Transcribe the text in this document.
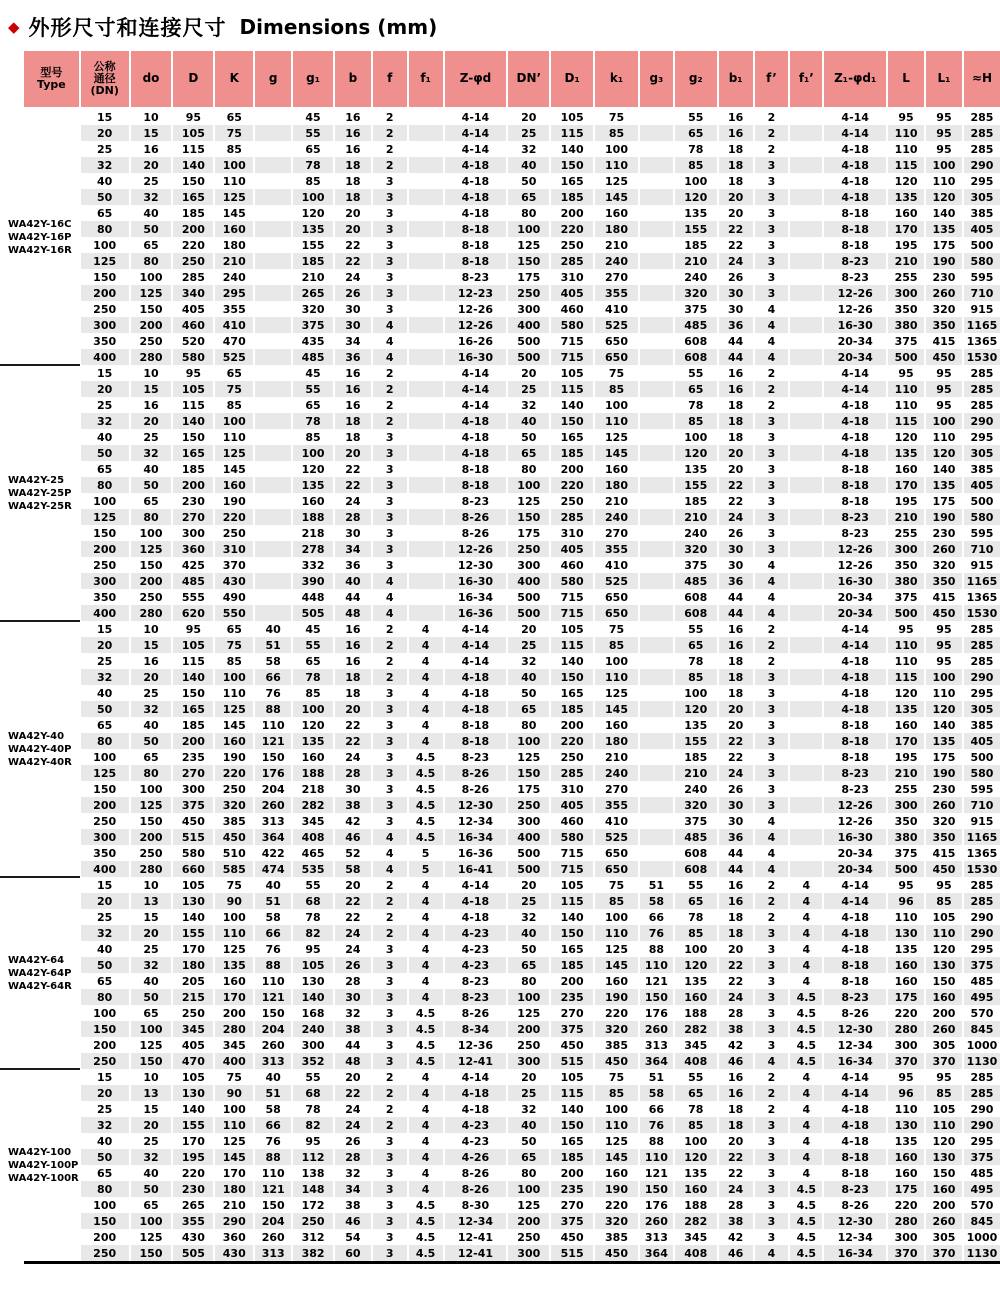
◆ 外形尺寸和连接尺寸 Dimensions (mm)
型号
Type	公称
通径
(DN)	do	D	K	g	g₁	b	f	f₁	Z-φd	DN’	D₁	k₁	g₃	g₂	b₁	f’	f₁’	Z₁-φd₁	L	L₁	≈H

WA42Y-16C
WA42Y-16P
WA42Y-16R	15	10	95	65		45	16	2		4-14	20	105	75		55	16	2		4-14	95	95	285
	20	15	105	75		55	16	2		4-14	25	115	85		65	16	2		4-14	110	95	285
	25	16	115	85		65	16	2		4-14	32	140	100		78	18	2		4-18	110	95	285
	32	20	140	100		78	18	2		4-18	40	150	110		85	18	3		4-18	115	100	290
	40	25	150	110		85	18	3		4-18	50	165	125		100	18	3		4-18	120	110	295
	50	32	165	125		100	18	3		4-18	65	185	145		120	20	3		4-18	135	120	305
	65	40	185	145		120	20	3		4-18	80	200	160		135	20	3		8-18	160	140	385
	80	50	200	160		135	20	3		8-18	100	220	180		155	22	3		8-18	170	135	405
	100	65	220	180		155	22	3		8-18	125	250	210		185	22	3		8-18	195	175	500
	125	80	250	210		185	22	3		8-18	150	285	240		210	24	3		8-23	210	190	580
	150	100	285	240		210	24	3		8-23	175	310	270		240	26	3		8-23	255	230	595
	200	125	340	295		265	26	3		12-23	250	405	355		320	30	3		12-26	300	260	710
	250	150	405	355		320	30	3		12-26	300	460	410		375	30	4		12-26	350	320	915
	300	200	460	410		375	30	4		12-26	400	580	525		485	36	4		16-30	380	350	1165
	350	250	520	470		435	34	4		16-26	500	715	650		608	44	4		20-34	375	415	1365
	400	280	580	525		485	36	4		16-30	500	715	650		608	44	4		20-34	500	450	1530

WA42Y-25
WA42Y-25P
WA42Y-25R	15	10	95	65		45	16	2		4-14	20	105	75		55	16	2		4-14	95	95	285
	20	15	105	75		55	16	2		4-14	25	115	85		65	16	2		4-14	110	95	285
	25	16	115	85		65	16	2		4-14	32	140	100		78	18	2		4-18	110	95	285
	32	20	140	100		78	18	2		4-18	40	150	110		85	18	3		4-18	115	100	290
	40	25	150	110		85	18	3		4-18	50	165	125		100	18	3		4-18	120	110	295
	50	32	165	125		100	20	3		4-18	65	185	145		120	20	3		4-18	135	120	305
	65	40	185	145		120	22	3		8-18	80	200	160		135	20	3		8-18	160	140	385
	80	50	200	160		135	22	3		8-18	100	220	180		155	22	3		8-18	170	135	405
	100	65	230	190		160	24	3		8-23	125	250	210		185	22	3		8-18	195	175	500
	125	80	270	220		188	28	3		8-26	150	285	240		210	24	3		8-23	210	190	580
	150	100	300	250		218	30	3		8-26	175	310	270		240	26	3		8-23	255	230	595
	200	125	360	310		278	34	3		12-26	250	405	355		320	30	3		12-26	300	260	710
	250	150	425	370		332	36	3		12-30	300	460	410		375	30	4		12-26	350	320	915
	300	200	485	430		390	40	4		16-30	400	580	525		485	36	4		16-30	380	350	1165
	350	250	555	490		448	44	4		16-34	500	715	650		608	44	4		20-34	375	415	1365
	400	280	620	550		505	48	4		16-36	500	715	650		608	44	4		20-34	500	450	1530

WA42Y-40
WA42Y-40P
WA42Y-40R	15	10	95	65	40	45	16	2	4	4-14	20	105	75		55	16	2		4-14	95	95	285
	20	15	105	75	51	55	16	2	4	4-14	25	115	85		65	16	2		4-14	110	95	285
	25	16	115	85	58	65	16	2	4	4-14	32	140	100		78	18	2		4-18	110	95	285
	32	20	140	100	66	78	18	2	4	4-18	40	150	110		85	18	3		4-18	115	100	290
	40	25	150	110	76	85	18	3	4	4-18	50	165	125		100	18	3		4-18	120	110	295
	50	32	165	125	88	100	20	3	4	4-18	65	185	145		120	20	3		4-18	135	120	305
	65	40	185	145	110	120	22	3	4	8-18	80	200	160		135	20	3		8-18	160	140	385
	80	50	200	160	121	135	22	3	4	8-18	100	220	180		155	22	3		8-18	170	135	405
	100	65	235	190	150	160	24	3	4.5	8-23	125	250	210		185	22	3		8-18	195	175	500
	125	80	270	220	176	188	28	3	4.5	8-26	150	285	240		210	24	3		8-23	210	190	580
	150	100	300	250	204	218	30	3	4.5	8-26	175	310	270		240	26	3		8-23	255	230	595
	200	125	375	320	260	282	38	3	4.5	12-30	250	405	355		320	30	3		12-26	300	260	710
	250	150	450	385	313	345	42	3	4.5	12-34	300	460	410		375	30	4		12-26	350	320	915
	300	200	515	450	364	408	46	4	4.5	16-34	400	580	525		485	36	4		16-30	380	350	1165
	350	250	580	510	422	465	52	4	5	16-36	500	715	650		608	44	4		20-34	375	415	1365
	400	280	660	585	474	535	58	4	5	16-41	500	715	650		608	44	4		20-34	500	450	1530

WA42Y-64
WA42Y-64P
WA42Y-64R	15	10	105	75	40	55	20	2	4	4-14	20	105	75	51	55	16	2	4	4-14	95	95	285
	20	13	130	90	51	68	22	2	4	4-18	25	115	85	58	65	16	2	4	4-14	96	85	285
	25	15	140	100	58	78	22	2	4	4-18	32	140	100	66	78	18	2	4	4-18	110	105	290
	32	20	155	110	66	82	24	2	4	4-23	40	150	110	76	85	18	3	4	4-18	130	110	290
	40	25	170	125	76	95	24	3	4	4-23	50	165	125	88	100	20	3	4	4-18	135	120	295
	50	32	180	135	88	105	26	3	4	4-23	65	185	145	110	120	22	3	4	8-18	160	130	375
	65	40	205	160	110	130	28	3	4	8-23	80	200	160	121	135	22	3	4	8-18	160	150	485
	80	50	215	170	121	140	30	3	4	8-23	100	235	190	150	160	24	3	4.5	8-23	175	160	495
	100	65	250	200	150	168	32	3	4.5	8-26	125	270	220	176	188	28	3	4.5	8-26	220	200	570
	150	100	345	280	204	240	38	3	4.5	8-34	200	375	320	260	282	38	3	4.5	12-30	280	260	845
	200	125	405	345	260	300	44	3	4.5	12-36	250	450	385	313	345	42	3	4.5	12-34	300	305	1000
	250	150	470	400	313	352	48	3	4.5	12-41	300	515	450	364	408	46	4	4.5	16-34	370	370	1130

WA42Y-100
WA42Y-100P
WA42Y-100R	15	10	105	75	40	55	20	2	4	4-14	20	105	75	51	55	16	2	4	4-14	95	95	285
	20	13	130	90	51	68	22	2	4	4-18	25	115	85	58	65	16	2	4	4-14	96	85	285
	25	15	140	100	58	78	24	2	4	4-18	32	140	100	66	78	18	2	4	4-18	110	105	290
	32	20	155	110	66	82	24	2	4	4-23	40	150	110	76	85	18	3	4	4-18	130	110	290
	40	25	170	125	76	95	26	3	4	4-23	50	165	125	88	100	20	3	4	4-18	135	120	295
	50	32	195	145	88	112	28	3	4	4-26	65	185	145	110	120	22	3	4	8-18	160	130	375
	65	40	220	170	110	138	32	3	4	8-26	80	200	160	121	135	22	3	4	8-18	160	150	485
	80	50	230	180	121	148	34	3	4	8-26	100	235	190	150	160	24	3	4.5	8-23	175	160	495
	100	65	265	210	150	172	38	3	4.5	8-30	125	270	220	176	188	28	3	4.5	8-26	220	200	570
	150	100	355	290	204	250	46	3	4.5	12-34	200	375	320	260	282	38	3	4.5	12-30	280	260	845
	200	125	430	360	260	312	54	3	4.5	12-41	250	450	385	313	345	42	3	4.5	12-34	300	305	1000
	250	150	505	430	313	382	60	3	4.5	12-41	300	515	450	364	408	46	4	4.5	16-34	370	370	1130
